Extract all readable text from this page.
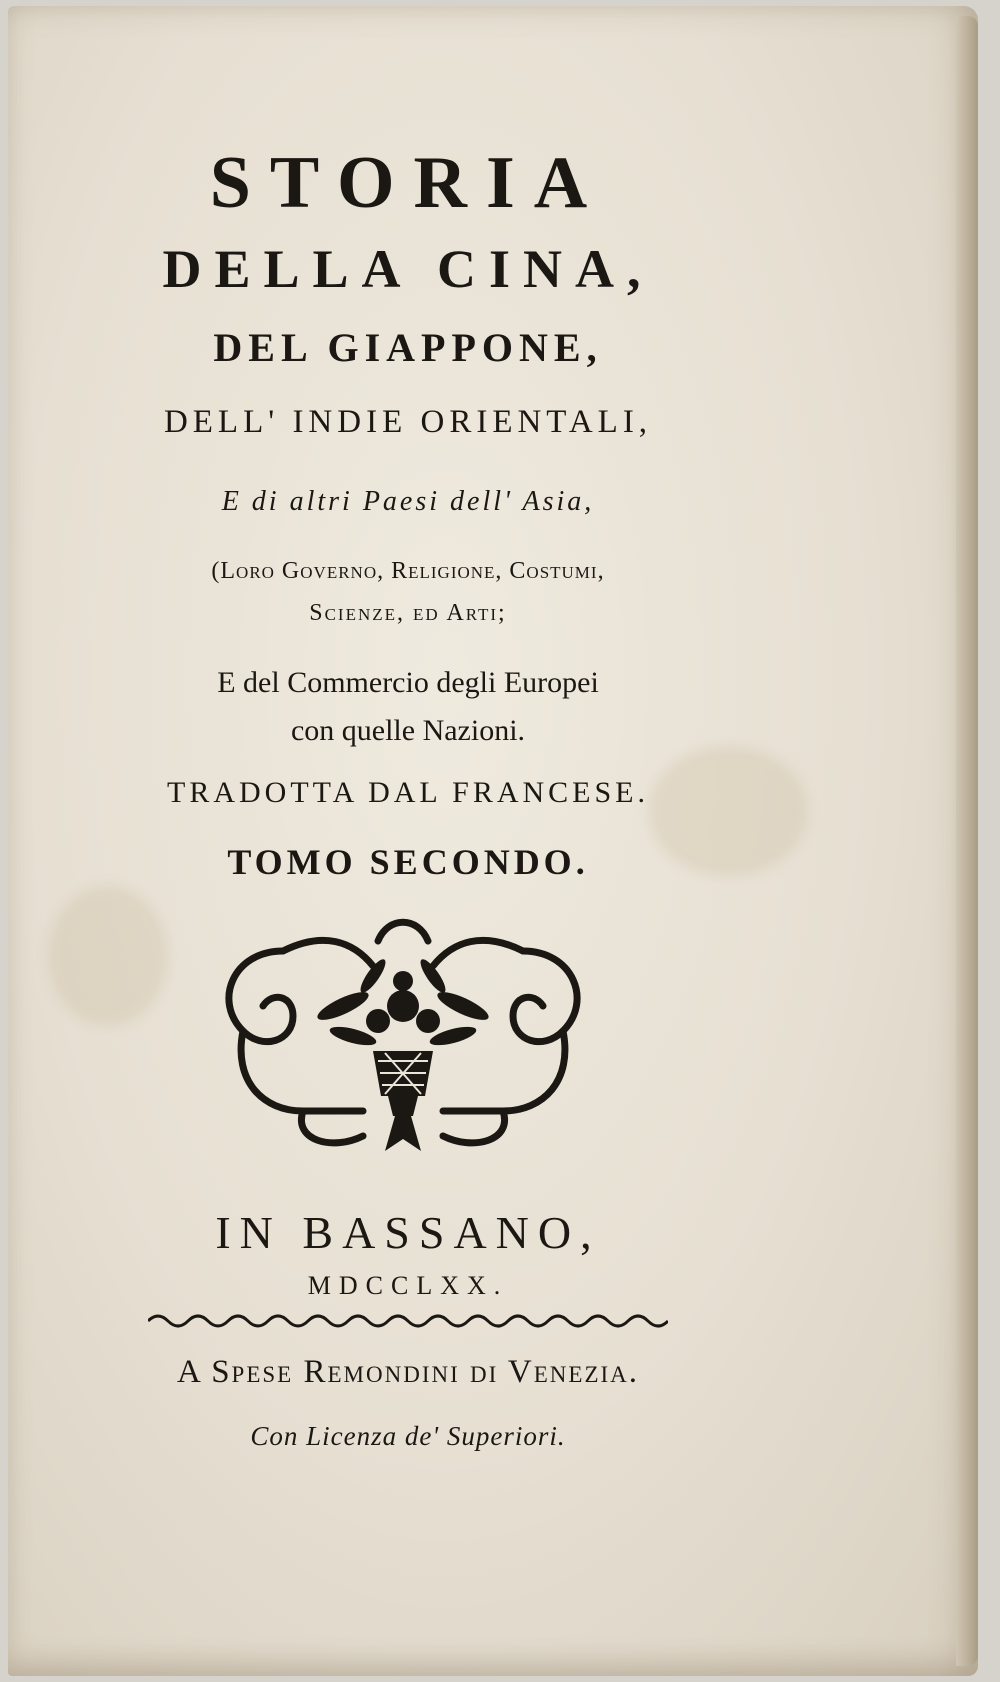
STORIA
DELLA CINA,
DEL GIAPPONE,
DELL' INDIE ORIENTALI,
E di altri Paesi dell' Asia,
(Loro Governo, Religione, Costumi,
Scienze, ed Arti;
E del Commercio degli Europei
con quelle Nazioni.
TRADOTTA DAL FRANCESE.
TOMO SECONDO.
IN BASSANO,
MDCCLXX.
A Spese Remondini di Venezia.
Con Licenza de' Superiori.
